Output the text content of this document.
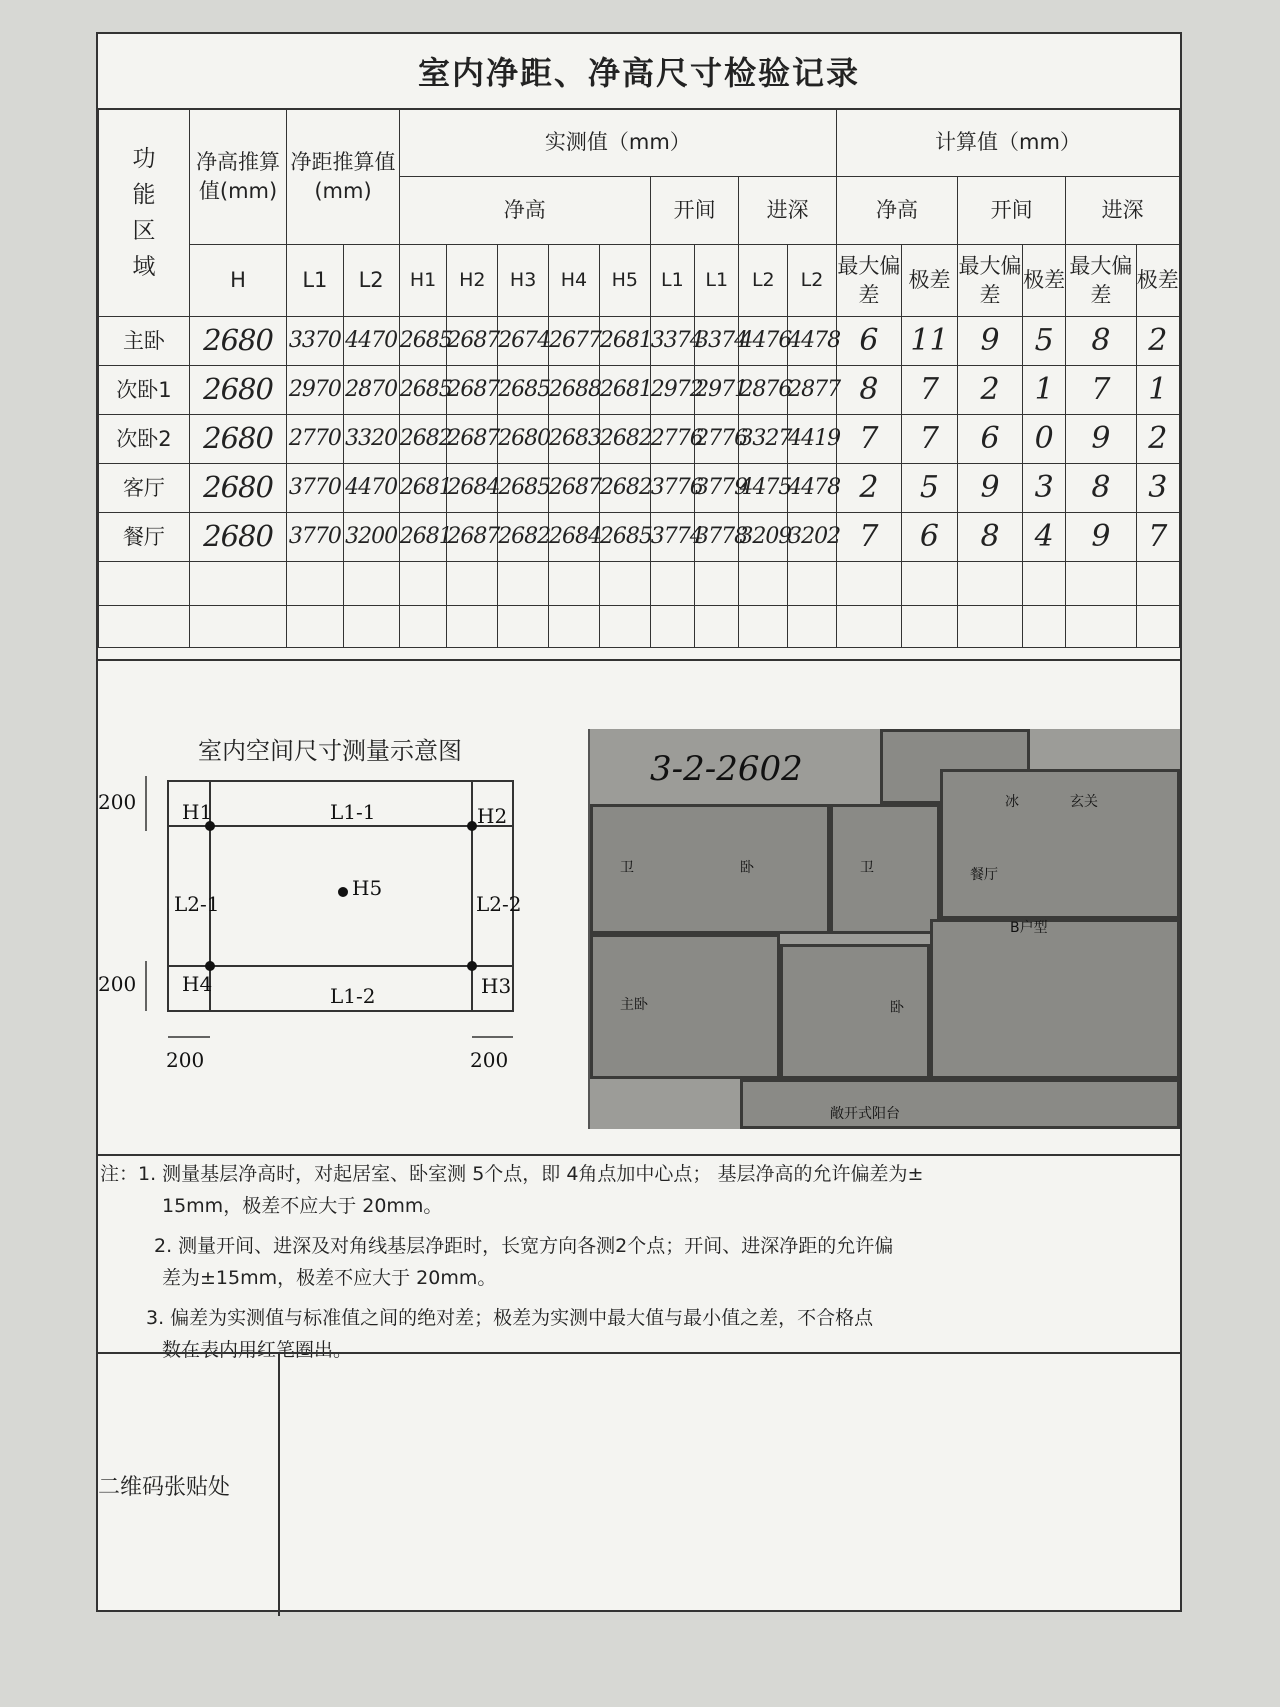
室内净距、净高尺寸检验记录
功能区域	净高推算值(mm)	净距推算值(mm)		实测值（mm）									计算值（mm）					
				净高					开间		进深		净高		开间		进深	
	H	L1	L2	H1	H2	H3	H4	H5	L1	L1	L2	L2	最大偏差	极差	最大偏差	极差	最大偏差	极差
主卧	2680	3370	4470	2685	2687	2674	2677	2681	3374	3374	4476	4478	6	11	9	5	8	2
次卧1	2680	2970	2870	2685	2687	2685	2688	2681	2972	2971	2876	2877	8	7	2	1	7	1
次卧2	2680	2770	3320	2682	2687	2680	2683	2682	2776	2776	3327	4419	7	7	6	0	9	2
客厅	2680	3770	4470	2681	2684	2685	2687	2682	3776	3779	4475	4478	2	5	9	3	8	3
餐厅	2680	3770	3200	2681	2687	2682	2684	2685	3774	3778	3209	3202	7	6	8	4	9	7

室内空间尺寸测量示意图
200
200
200	200
H1	H2
H3
H4
H5
L1-1
L1-2
L2-1	L2-2
3-2-2602
卫	卧	卫
冰	玄关
餐厅
B户型
主卧	卧
敞开式阳台
注：1. 测量基层净高时，对起居室、卧室测 5个点，即 4角点加中心点； 基层净高的允许偏差为±
15mm，极差不应大于 20mm。
2. 测量开间、进深及对角线基层净距时，长宽方向各测2个点；开间、进深净距的允许偏
差为±15mm，极差不应大于 20mm。
3. 偏差为实测值与标准值之间的绝对差；极差为实测中最大值与最小值之差，不合格点
数在表内用红笔圈出。
二维码张贴处
